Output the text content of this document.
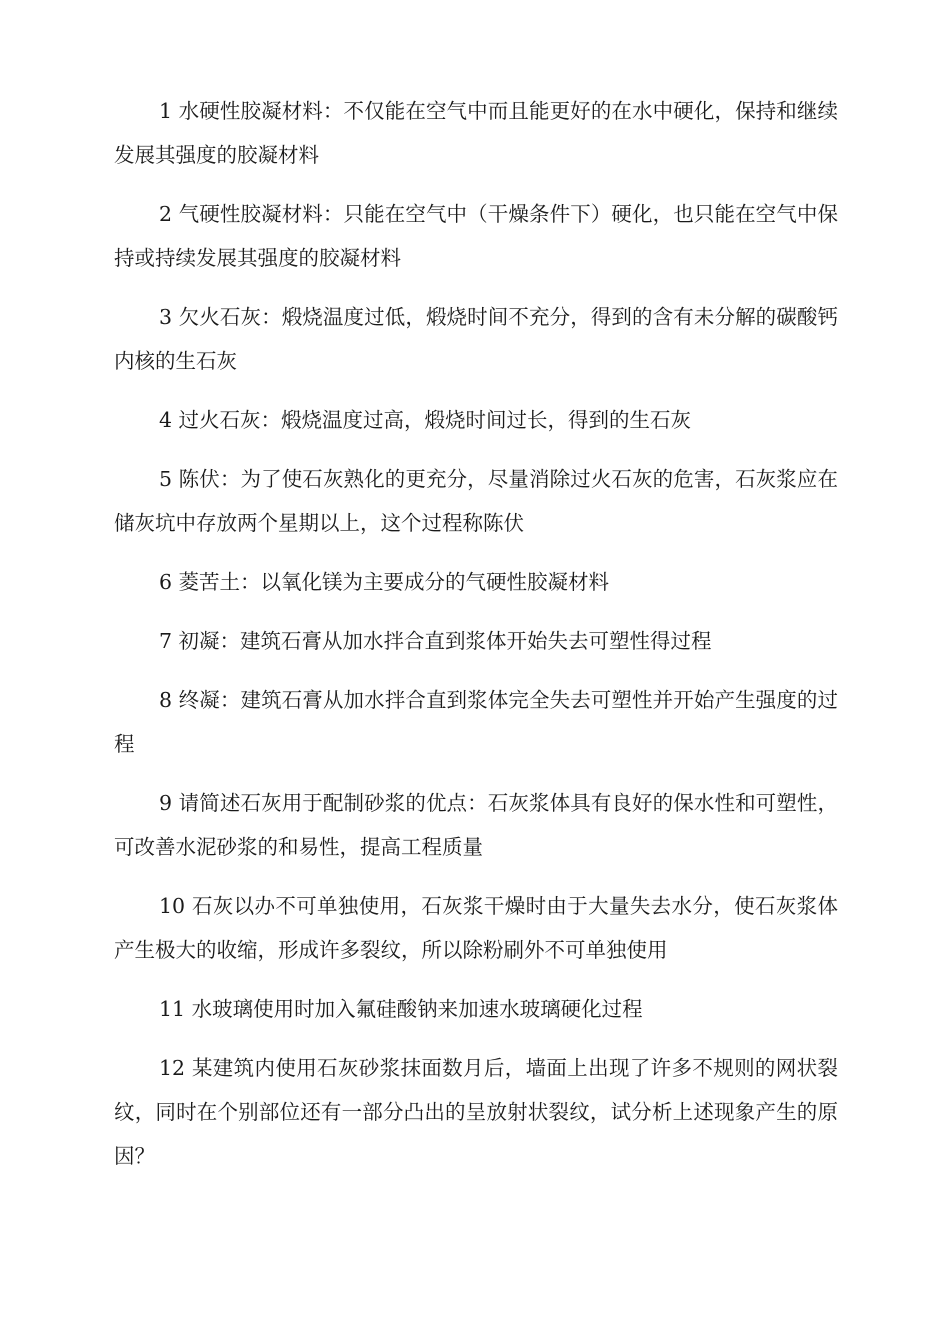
1 水硬性胶凝材料：不仅能在空气中而且能更好的在水中硬化，保持和继续发展其强度的胶凝材料

2 气硬性胶凝材料：只能在空气中（干燥条件下）硬化，也只能在空气中保持或持续发展其强度的胶凝材料

3 欠火石灰：煅烧温度过低，煅烧时间不充分，得到的含有未分解的碳酸钙内核的生石灰

4 过火石灰：煅烧温度过高，煅烧时间过长，得到的生石灰

5 陈伏：为了使石灰熟化的更充分，尽量消除过火石灰的危害，石灰浆应在储灰坑中存放两个星期以上，这个过程称陈伏

6 菱苦土：以氧化镁为主要成分的气硬性胶凝材料

7 初凝：建筑石膏从加水拌合直到浆体开始失去可塑性得过程

8 终凝：建筑石膏从加水拌合直到浆体完全失去可塑性并开始产生强度的过程

9 请简述石灰用于配制砂浆的优点：石灰浆体具有良好的保水性和可塑性，可改善水泥砂浆的和易性，提高工程质量

10 石灰以办不可单独使用，石灰浆干燥时由于大量失去水分，使石灰浆体产生极大的收缩，形成许多裂纹，所以除粉刷外不可单独使用

11 水玻璃使用时加入氟硅酸钠来加速水玻璃硬化过程

12 某建筑内使用石灰砂浆抹面数月后，墙面上出现了许多不规则的网状裂纹，同时在个别部位还有一部分凸出的呈放射状裂纹，试分析上述现象产生的原因？
